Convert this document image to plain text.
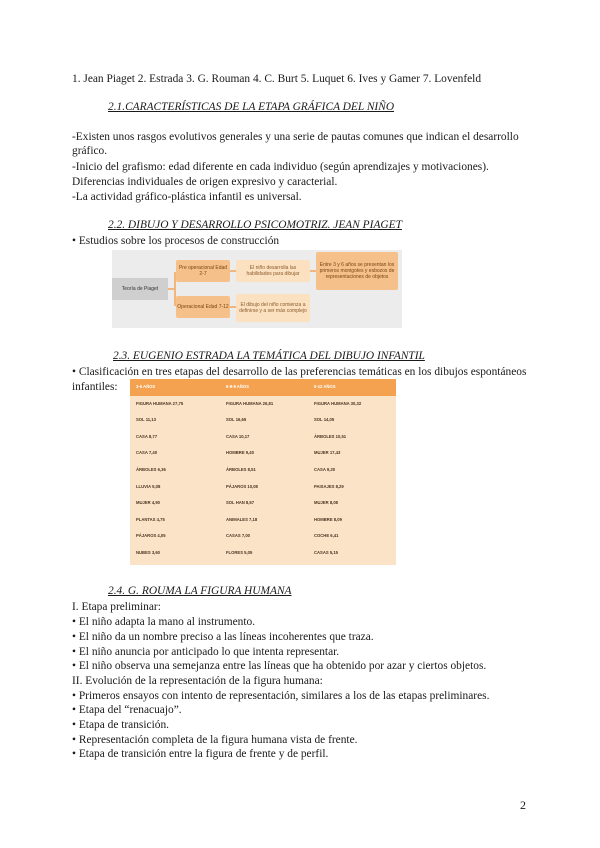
1. Jean Piaget 2. Estrada 3. G. Rouman 4. C. Burt 5. Luquet 6. Ives y Gamer 7. Lovenfeld
2.1.CARACTERÍSTICAS DE LA ETAPA GRÁFICA DEL NIÑO
-Existen unos rasgos evolutivos generales y una serie de pautas comunes que indican el desarrollo
gráfico.
-Inicio del grafismo: edad diferente en cada individuo (según aprendizajes y motivaciones).
Diferencias individuales de origen expresivo y caracterial.
-La actividad gráfico-plástica infantil es universal.
2.2. DIBUJO Y DESARROLLO PSICOMOTRIZ. JEAN PIAGET
• Estudios sobre los procesos de construcción
Teoría de Piaget
Pre operacional Edad 2-7
Operacional Edad 7-12
El niño desarrolla las habilidades para dibujar
El dibujo del niño comienza a definirse y a ser más complejo
Entre 3 y 6 años se presentan los primeros monigotes y esbozos de representaciones de objetos
2.3. EUGENIO ESTRADA LA TEMÁTICA DEL DIBUJO INFANTIL
• Clasificación en tres etapas del desarrollo de las preferencias temáticas en los dibujos espontáneos
infantiles:	3-6 AÑOS	6-8-9 AÑOS	9-12 AÑOS
FIGURA HUMANA 27,75	FIGURA HUMANA 26,81	FIGURA HUMANA 30,32
SOL 11,13	SOL 16,65	SOL 14,05
CASA 8,77	CASA 10,17	ÁRBOLES 10,51
CASA 7,40	HOMBRE 9,40	MUJER 17,43
ÁRBOLES 6,36	ÁRBOLES 8,51	CASA 9,30
LLUVIA 5,08	PÁJAROS 10,08	PAISAJES 8,29
MUJER 4,90	SOL HAN 8,57	MUJER 8,08
PLANTAS 4,75	ANIMALES 7,18	HOMBRE 8,09
PÁJAROS 4,05	CASAS 7,00	COCHE 6,41
NUBES 3,60	FLORES 5,05	CASAS 5,15
2.4. G. ROUMA LA FIGURA HUMANA
I. Etapa preliminar:
• El niño adapta la mano al instrumento.
• El niño da un nombre preciso a las líneas incoherentes que traza.
• El niño anuncia por anticipado lo que intenta representar.
• El niño observa una semejanza entre las líneas que ha obtenido por azar y ciertos objetos.
II. Evolución de la representación de la figura humana:
• Primeros ensayos con intento de representación, similares a los de las etapas preliminares.
• Etapa del “renacuajo”.
• Etapa de transición.
• Representación completa de la figura humana vista de frente.
• Etapa de transición entre la figura de frente y de perfil.
2
